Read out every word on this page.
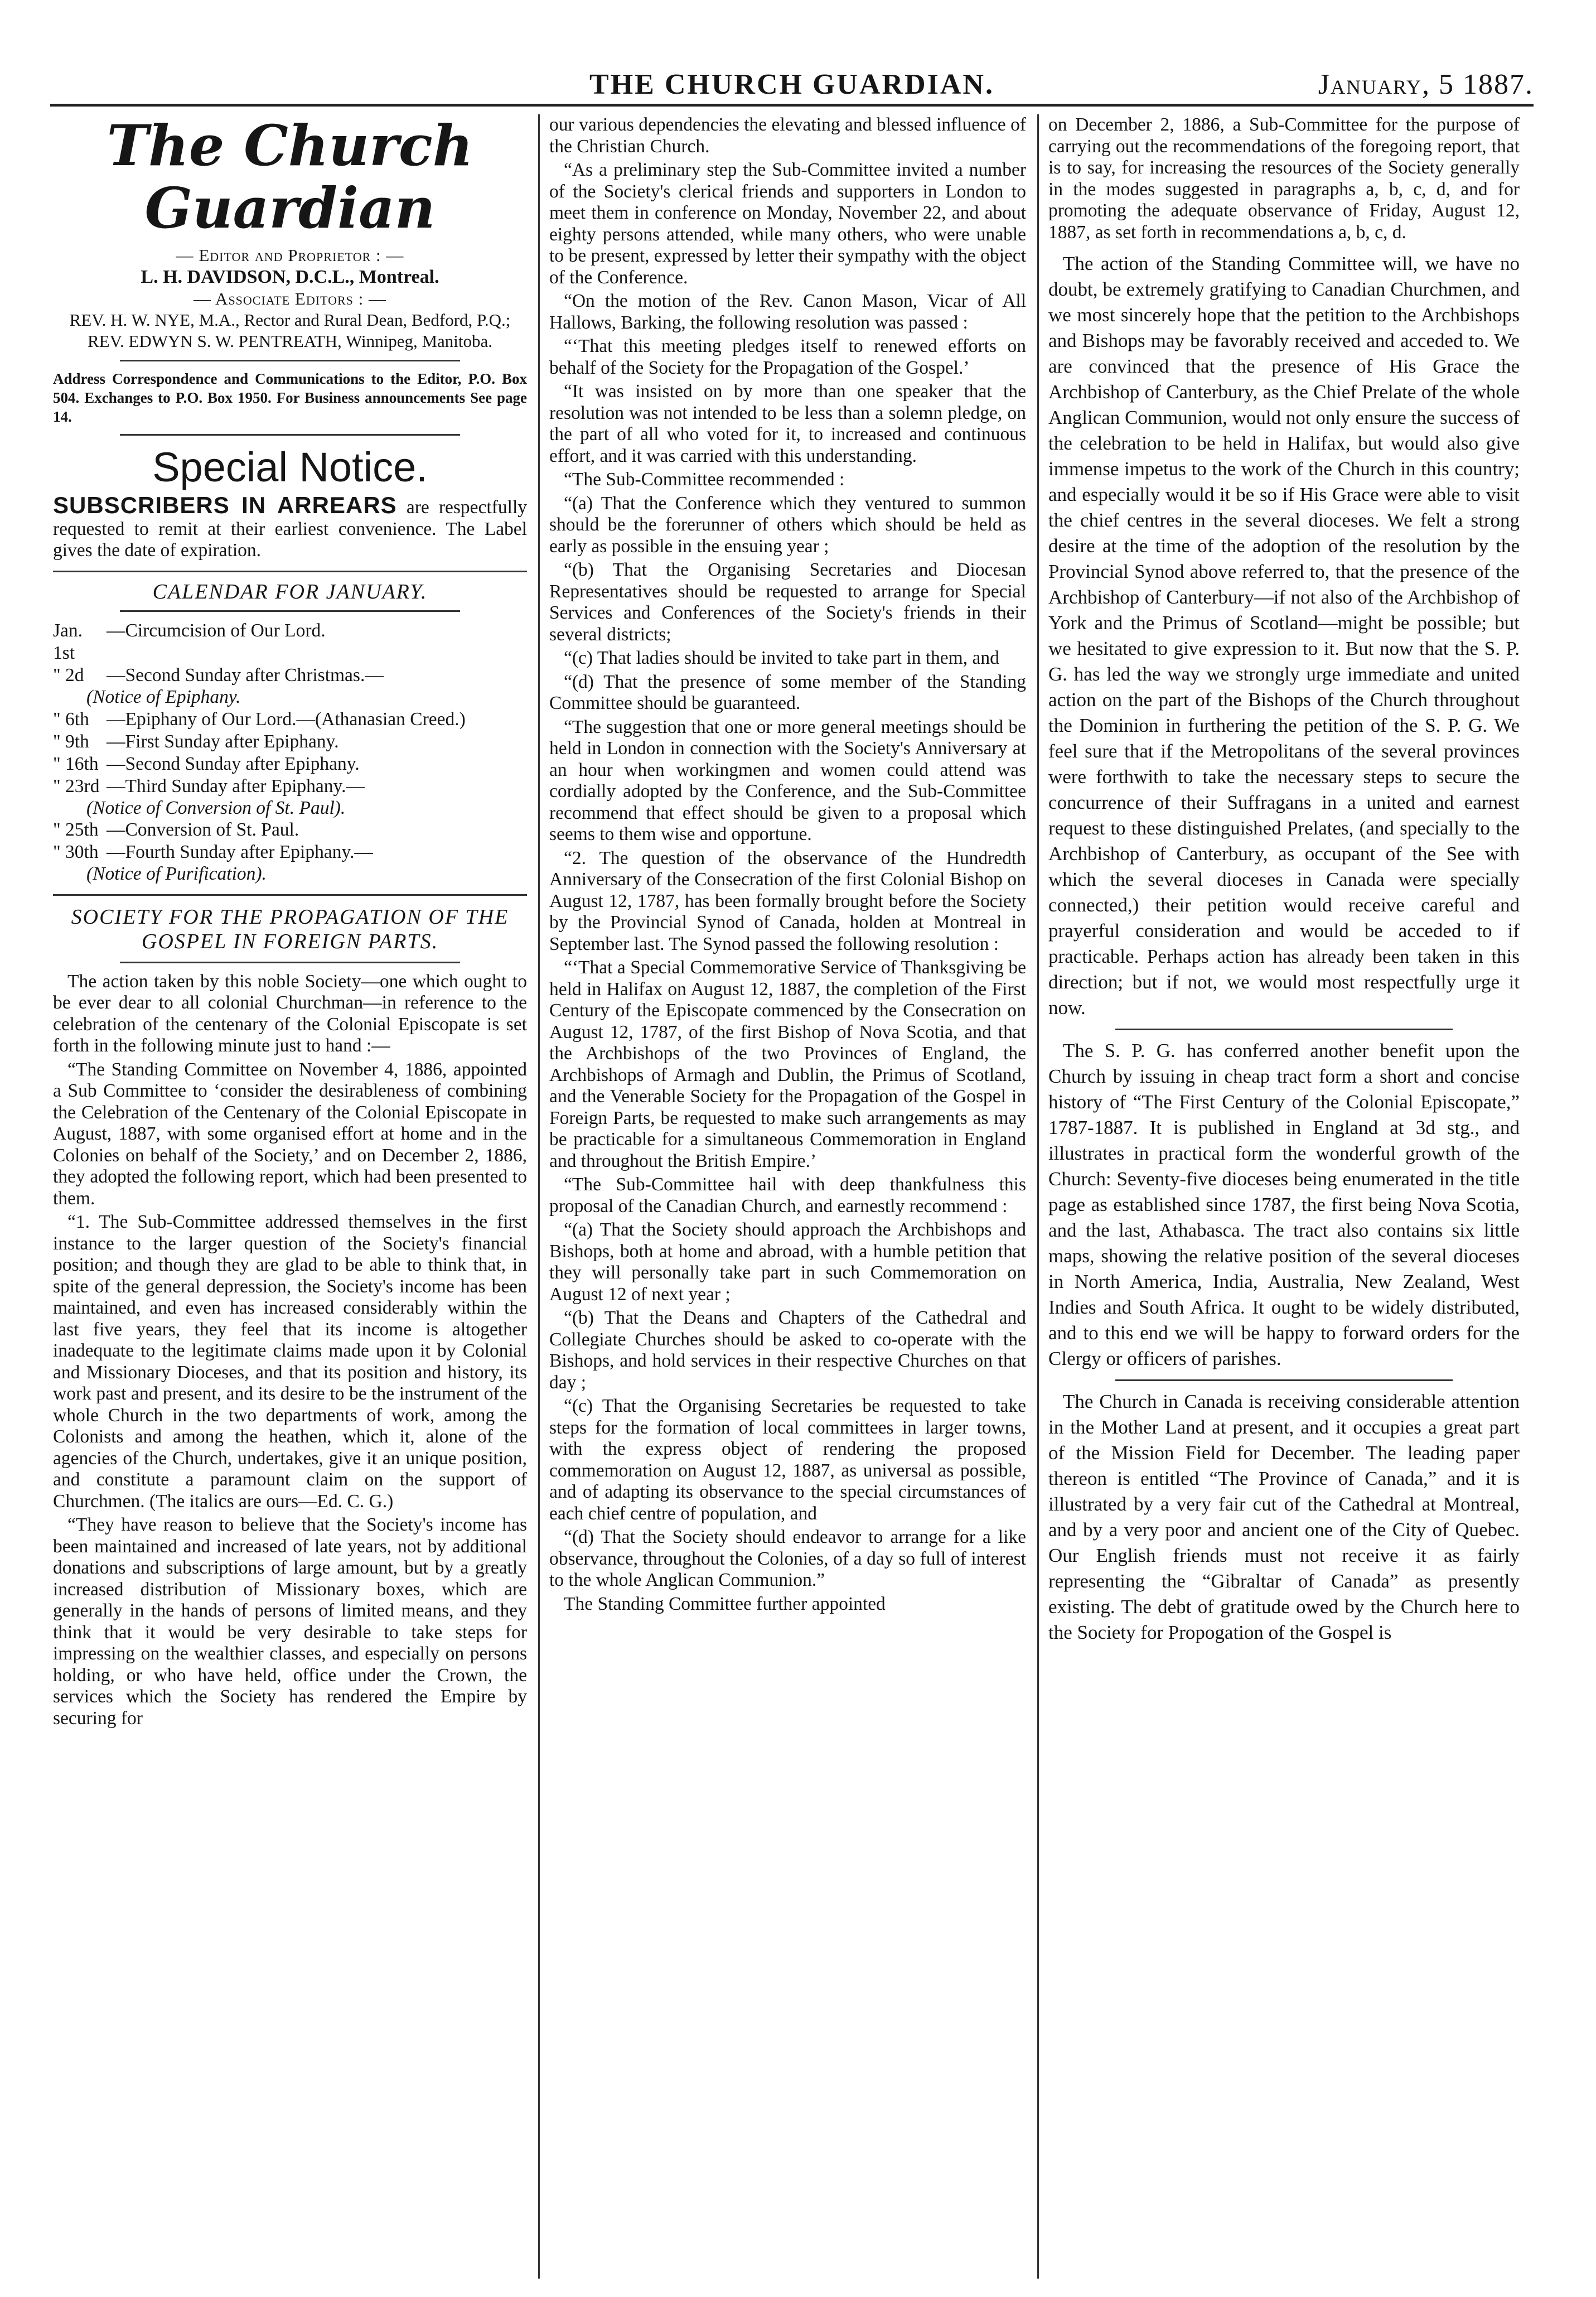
THE CHURCH GUARDIAN.	January, 5 1887.
The Church Guardian
— Editor and Proprietor : —
L. H. DAVIDSON, D.C.L., Montreal.
— Associate Editors : —
REV. H. W. NYE, M.A., Rector and Rural Dean, Bedford, P.Q.; REV. EDWYN S. W. PENTREATH, Winnipeg, Manitoba.

Address Correspondence and Communications to the Editor, P.O. Box 504. Exchanges to P.O. Box 1950. For Business announcements See page 14.

Special Notice.

SUBSCRIBERS IN ARREARS are respectfully requested to remit at their earliest convenience. The Label gives the date of expiration.

CALENDAR FOR JANUARY.
Jan. 1st
—Circumcision of Our Lord.
" 2d	—Second Sunday after Christmas.—
(Notice of Epiphany.
" 6th —Epiphany of Our Lord.—(Athanasian Creed.)
" 9th —First Sunday after Epiphany.
" 16th —Second Sunday after Epiphany.
" 23rd —Third Sunday after Epiphany.—
(Notice of Conversion of St. Paul).
" 25th —Conversion of St. Paul.
" 30th —Fourth Sunday after Epiphany.—
(Notice of Purification).
SOCIETY FOR THE PROPAGATION OF THE GOSPEL IN FOREIGN PARTS.

The action taken by this noble Society—one which ought to be ever dear to all colonial Churchman—in reference to the celebration of the centenary of the Colonial Episcopate is set forth in the following minute just to hand :—

“The Standing Committee on November 4, 1886, appointed a Sub Committee to ‘consider the desirableness of combining the Celebration of the Centenary of the Colonial Episcopate in August, 1887, with some organised effort at home and in the Colonies on behalf of the Society,’ and on December 2, 1886, they adopted the following report, which had been presented to them.

“1. The Sub-Committee addressed themselves in the first instance to the larger question of the Society's financial position; and though they are glad to be able to think that, in spite of the general depression, the Society's income has been maintained, and even has increased considerably within the last five years, they feel that its income is altogether inadequate to the legitimate claims made upon it by Colonial and Missionary Dioceses, and that its position and history, its work past and present, and its desire to be the instrument of the whole Church in the two departments of work, among the Colonists and among the heathen, which it, alone of the agencies of the Church, undertakes, give it an unique position, and constitute a paramount claim on the support of Churchmen. (The italics are ours—Ed. C. G.)

“They have reason to believe that the Society's income has been maintained and increased of late years, not by additional donations and subscriptions of large amount, but by a greatly increased distribution of Missionary boxes, which are generally in the hands of persons of limited means, and they think that it would be very desirable to take steps for impressing on the wealthier classes, and especially on persons holding, or who have held, office under the Crown, the services which the Society has rendered the Empire by securing for

our various dependencies the elevating and blessed influence of the Christian Church.

“As a preliminary step the Sub-Committee invited a number of the Society's clerical friends and supporters in London to meet them in conference on Monday, November 22, and about eighty persons attended, while many others, who were unable to be present, expressed by letter their sympathy with the object of the Conference.

“On the motion of the Rev. Canon Mason, Vicar of All Hallows, Barking, the following resolution was passed :

“‘That this meeting pledges itself to renewed efforts on behalf of the Society for the Propagation of the Gospel.’

“It was insisted on by more than one speaker that the resolution was not intended to be less than a solemn pledge, on the part of all who voted for it, to increased and continuous effort, and it was carried with this understanding.

“The Sub-Committee recommended :

“(a) That the Conference which they ventured to summon should be the forerunner of others which should be held as early as possible in the ensuing year ;

“(b) That the Organising Secretaries and Diocesan Representatives should be requested to arrange for Special Services and Conferences of the Society's friends in their several districts;

“(c) That ladies should be invited to take part in them, and

“(d) That the presence of some member of the Standing Committee should be guaranteed.

“The suggestion that one or more general meetings should be held in London in connection with the Society's Anniversary at an hour when workingmen and women could attend was cordially adopted by the Conference, and the Sub-Committee recommend that effect should be given to a proposal which seems to them wise and opportune.

“2. The question of the observance of the Hundredth Anniversary of the Consecration of the first Colonial Bishop on August 12, 1787, has been formally brought before the Society by the Provincial Synod of Canada, holden at Montreal in September last. The Synod passed the following resolution :

“‘That a Special Commemorative Service of Thanksgiving be held in Halifax on August 12, 1887, the completion of the First Century of the Episcopate commenced by the Consecration on August 12, 1787, of the first Bishop of Nova Scotia, and that the Archbishops of the two Provinces of England, the Archbishops of Armagh and Dublin, the Primus of Scotland, and the Venerable Society for the Propagation of the Gospel in Foreign Parts, be requested to make such arrangements as may be practicable for a simultaneous Commemoration in England and throughout the British Empire.’

“The Sub-Committee hail with deep thankfulness this proposal of the Canadian Church, and earnestly recommend :

“(a) That the Society should approach the Archbishops and Bishops, both at home and abroad, with a humble petition that they will personally take part in such Commemoration on August 12 of next year ;

“(b) That the Deans and Chapters of the Cathedral and Collegiate Churches should be asked to co-operate with the Bishops, and hold services in their respective Churches on that day ;

“(c) That the Organising Secretaries be requested to take steps for the formation of local committees in larger towns, with the express object of rendering the proposed commemoration on August 12, 1887, as universal as possible, and of adapting its observance to the special circumstances of each chief centre of population, and

“(d) That the Society should endeavor to arrange for a like observance, throughout the Colonies, of a day so full of interest to the whole Anglican Communion.”

The Standing Committee further appointed

on December 2, 1886, a Sub-Committee for the purpose of carrying out the recommendations of the foregoing report, that is to say, for increasing the resources of the Society generally in the modes suggested in paragraphs a, b, c, d, and for promoting the adequate observance of Friday, August 12, 1887, as set forth in recommendations a, b, c, d.

The action of the Standing Committee will, we have no doubt, be extremely gratifying to Canadian Churchmen, and we most sincerely hope that the petition to the Archbishops and Bishops may be favorably received and acceded to. We are convinced that the presence of His Grace the Archbishop of Canterbury, as the Chief Prelate of the whole Anglican Communion, would not only ensure the success of the celebration to be held in Halifax, but would also give immense impetus to the work of the Church in this country; and especially would it be so if His Grace were able to visit the chief centres in the several dioceses. We felt a strong desire at the time of the adoption of the resolution by the Provincial Synod above referred to, that the presence of the Archbishop of Canterbury—if not also of the Archbishop of York and the Primus of Scotland—might be possible; but we hesitated to give expression to it. But now that the S. P. G. has led the way we strongly urge immediate and united action on the part of the Bishops of the Church throughout the Dominion in furthering the petition of the S. P. G. We feel sure that if the Metropolitans of the several provinces were forthwith to take the necessary steps to secure the concurrence of their Suffragans in a united and earnest request to these distinguished Prelates, (and specially to the Archbishop of Canterbury, as occupant of the See with which the several dioceses in Canada were specially connected,) their petition would receive careful and prayerful consideration and would be acceded to if practicable. Perhaps action has already been taken in this direction; but if not, we would most respectfully urge it now.

The S. P. G. has conferred another benefit upon the Church by issuing in cheap tract form a short and concise history of “The First Century of the Colonial Episcopate,” 1787-1887. It is published in England at 3d stg., and illustrates in practical form the wonderful growth of the Church: Seventy-five dioceses being enumerated in the title page as established since 1787, the first being Nova Scotia, and the last, Athabasca. The tract also contains six little maps, showing the relative position of the several dioceses in North America, India, Australia, New Zealand, West Indies and South Africa. It ought to be widely distributed, and to this end we will be happy to forward orders for the Clergy or officers of parishes.

The Church in Canada is receiving considerable attention in the Mother Land at present, and it occupies a great part of the Mission Field for December. The leading paper thereon is entitled “The Province of Canada,” and it is illustrated by a very fair cut of the Cathedral at Montreal, and by a very poor and ancient one of the City of Quebec. Our English friends must not receive it as fairly representing the “Gibraltar of Canada” as presently existing. The debt of gratitude owed by the Church here to the Society for Propogation of the Gospel is
